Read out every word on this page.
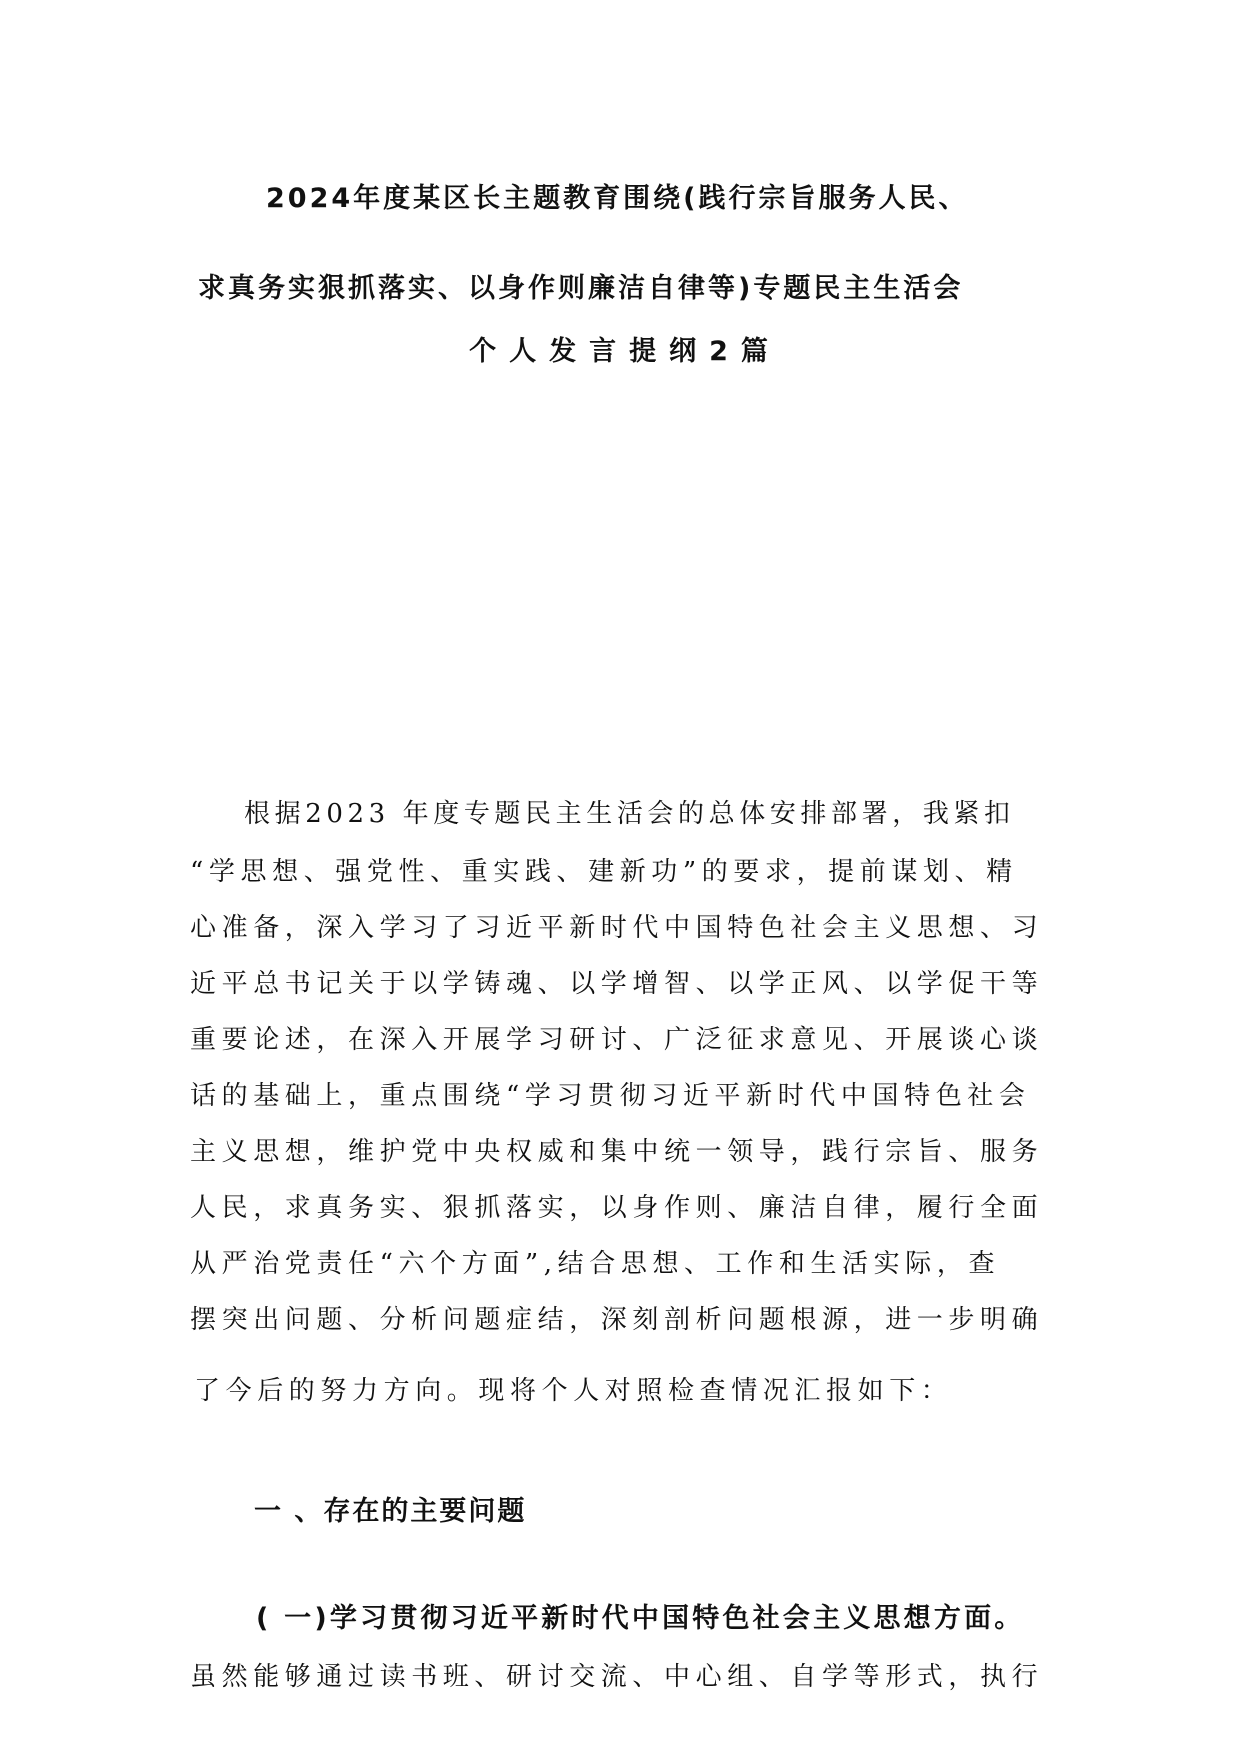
2024年度某区长主题教育围绕(践行宗旨服务人民、
求真务实狠抓落实、以身作则廉洁自律等)专题民主生活会
个人发言提纲2篇

根据2023 年度专题民主生活会的总体安排部署，我紧扣

“学思想、强党性、重实践、建新功”的要求，提前谋划、精

心准备，深入学习了习近平新时代中国特色社会主义思想、习

近平总书记关于以学铸魂、以学增智、以学正风、以学促干等

重要论述，在深入开展学习研讨、广泛征求意见、开展谈心谈

话的基础上，重点围绕“学习贯彻习近平新时代中国特色社会

主义思想，维护党中央权威和集中统一领导，践行宗旨、服务

人民，求真务实、狠抓落实，以身作则、廉洁自律，履行全面

从严治党责任“六个方面”,结合思想、工作和生活实际，查

摆突出问题、分析问题症结，深刻剖析问题根源，进一步明确

了今后的努力方向。现将个人对照检查情况汇报如下：

一 、存在的主要问题
( 一)学习贯彻习近平新时代中国特色社会主义思想方面。

虽然能够通过读书班、研讨交流、中心组、自学等形式，执行
